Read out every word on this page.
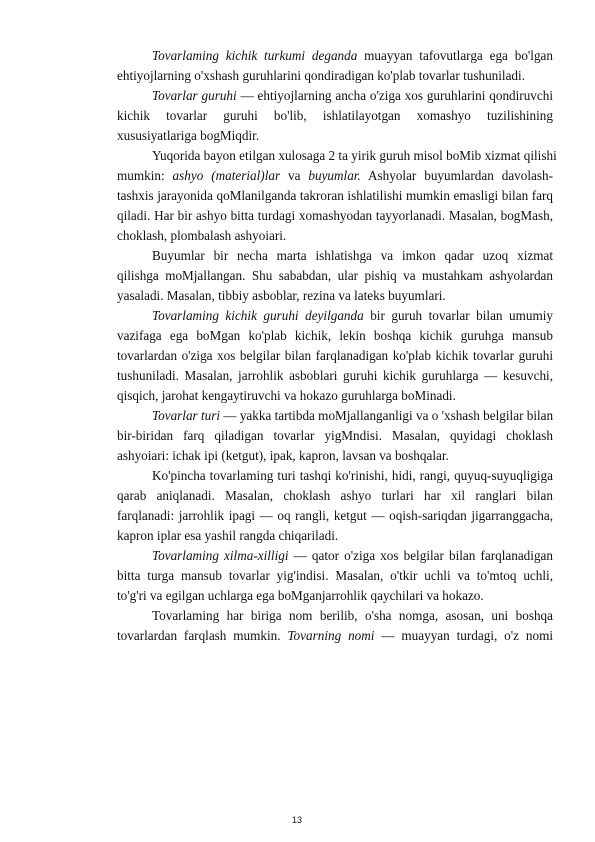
Tovarlaming kichik turkumi deganda muayyan tafovutlarga ega bo'lgan
ehtiyojlarning o'xshash guruhlarini qondiradigan ko'plab tovarlar tushuniladi.
Tovarlar guruhi — ehtiyojlarning ancha o'ziga xos guruhlarini qondiruvchi
kichik tovarlar guruhi bo'lib, ishlatilayotgan xomashyo tuzilishining
xususiyatlariga bogMiqdir.
Yuqorida bayon etilgan xulosaga 2 ta yirik guruh misol boMib xizmat qilishi
mumkin: ashyo (material)lar va buyumlar. Ashyolar buyumlardan davolash-
tashxis jarayonida qoMlanilganda takroran ishlatilishi mumkin emasligi bilan farq
qiladi. Har bir ashyo bitta turdagi xomashyodan tayyorlanadi. Masalan, bogMash,
choklash, plombalash ashyoiari.
Buyumlar bir necha marta ishlatishga va imkon qadar uzoq xizmat
qilishga moMjallangan. Shu sababdan, ular pishiq va mustahkam ashyolardan
yasaladi. Masalan, tibbiy asboblar, rezina va lateks buyumlari.
Tovarlaming kichik guruhi deyilganda bir guruh tovarlar bilan umumiy
vazifaga ega boMgan ko'plab kichik, lekin boshqa kichik guruhga mansub
tovarlardan o'ziga xos belgilar bilan farqlanadigan ko'plab kichik tovarlar guruhi
tushuniladi. Masalan, jarrohlik asboblari guruhi kichik guruhlarga — kesuvchi,
qisqich, jarohat kengaytiruvchi va hokazo guruhlarga boMinadi.
Tovarlar turi — yakka tartibda moMjallanganligi va o 'xshash belgilar bilan
bir-biridan farq qiladigan tovarlar yigMndisi. Masalan, quyidagi choklash
ashyoiari: ichak ipi (ketgut), ipak, kapron, lavsan va boshqalar.
Ko'pincha tovarlaming turi tashqi ko'rinishi, hidi, rangi, quyuq-suyuqligiga
qarab aniqlanadi. Masalan, choklash ashyo turlari har xil ranglari bilan
farqlanadi: jarrohlik ipagi — oq rangli, ketgut — oqish-sariqdan jigarranggacha,
kapron iplar esa yashil rangda chiqariladi.
Tovarlaming xilma-xilligi — qator o'ziga xos belgilar bilan farqlanadigan
bitta turga mansub tovarlar yig'indisi. Masalan, o'tkir uchli va to'mtoq uchli,
to'g'ri va egilgan uchlarga ega boMganjarrohlik qaychilari va hokazo.
Tovarlaming har biriga nom berilib, o'sha nomga, asosan, uni boshqa
tovarlardan farqlash mumkin. Tovarning nomi — muayyan turdagi, o'z nomi
13
